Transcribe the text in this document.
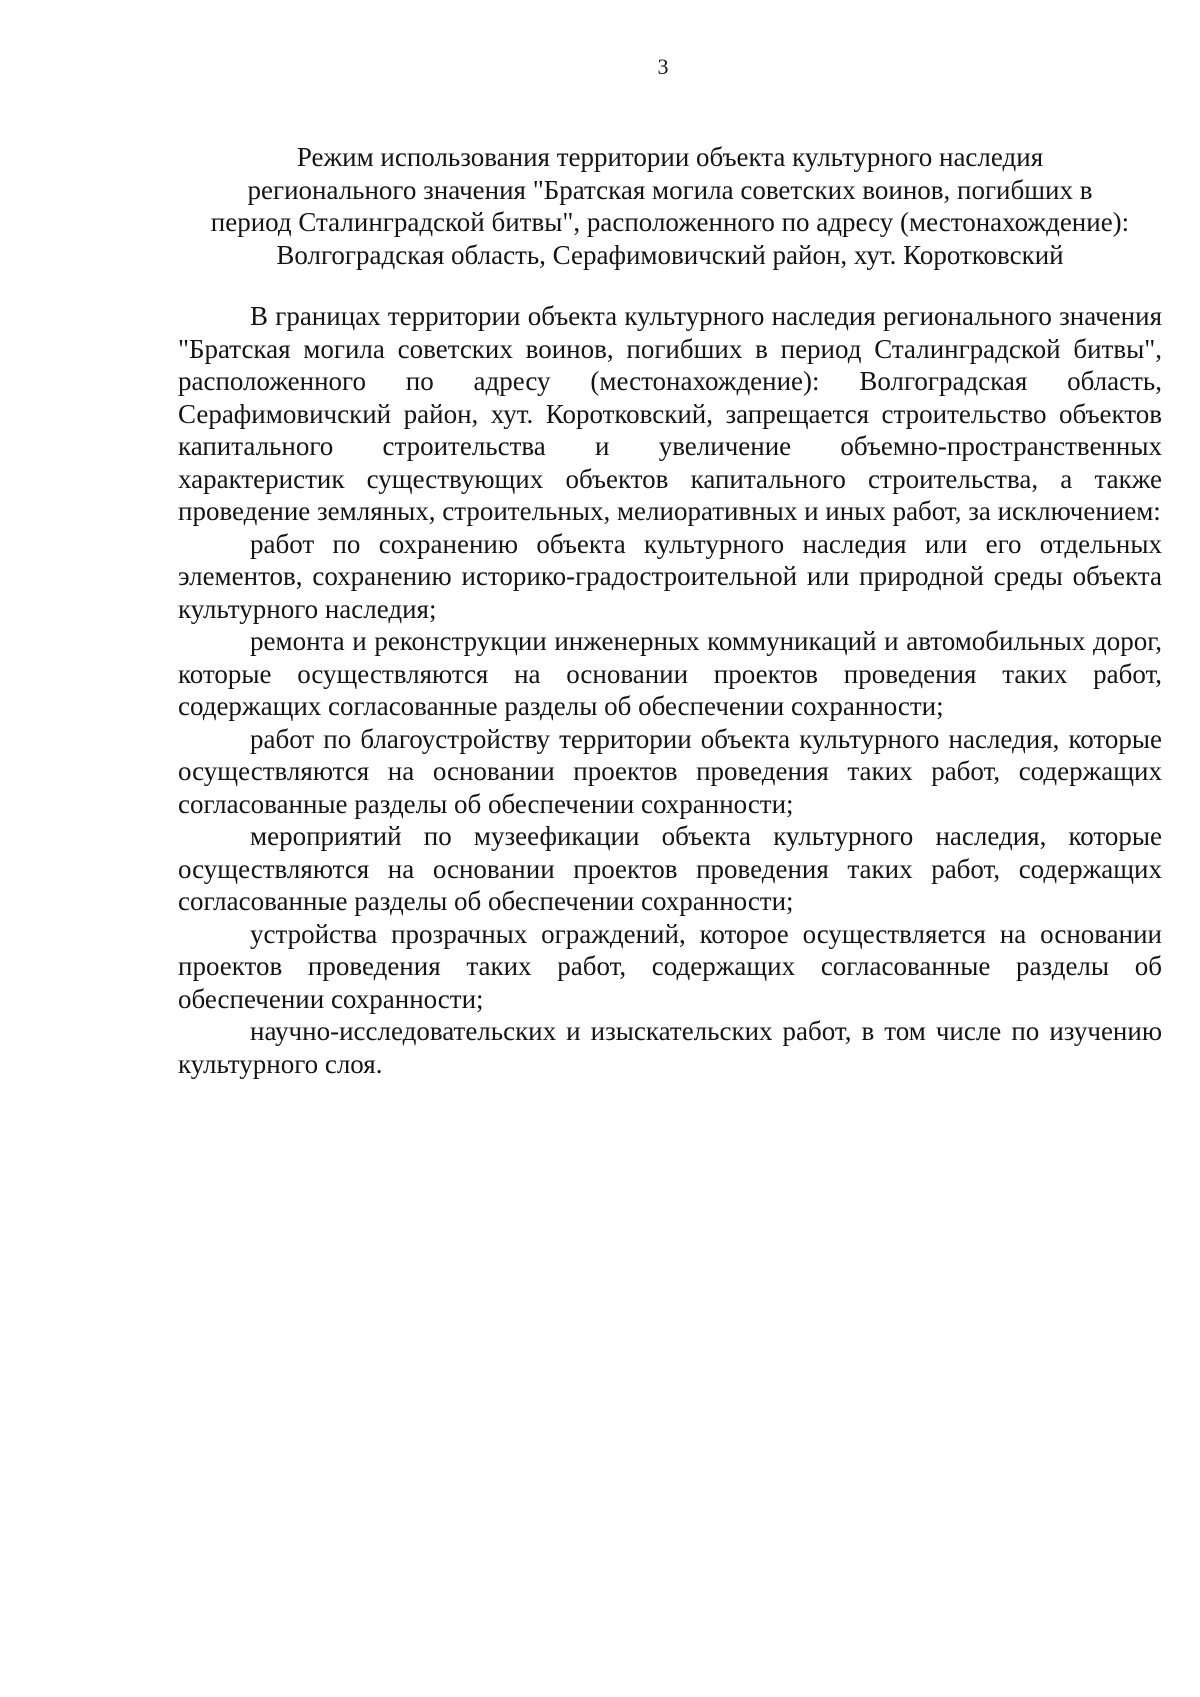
3
Режим использования территории объекта культурного наследия
регионального значения "Братская могила советских воинов, погибших в
период Сталинградской битвы", расположенного по адресу (местонахождение):
Волгоградская область, Серафимовичский район, хут. Коротковский

В границах территории объекта культурного наследия регионального значения "Братская могила советских воинов, погибших в период Сталинградской битвы", расположенного по адресу (местонахождение): Волгоградская область, Серафимовичский район, хут. Коротковский, запрещается строительство объектов капитального строительства и увеличение объемно-пространственных характеристик существующих объектов капитального строительства, а также проведение земляных, строительных, мелиоративных и иных работ, за исключением:

работ по сохранению объекта культурного наследия или его отдельных элементов, сохранению историко-градостроительной или природной среды объекта культурного наследия;

ремонта и реконструкции инженерных коммуникаций и автомобильных дорог, которые осуществляются на основании проектов проведения таких работ, содержащих согласованные разделы об обеспечении сохранности;

работ по благоустройству территории объекта культурного наследия, которые осуществляются на основании проектов проведения таких работ, содержащих согласованные разделы об обеспечении сохранности;

мероприятий по музеефикации объекта культурного наследия, которые осуществляются на основании проектов проведения таких работ, содержащих согласованные разделы об обеспечении сохранности;

устройства прозрачных ограждений, которое осуществляется на основании проектов проведения таких работ, содержащих согласованные разделы об обеспечении сохранности;

научно-исследовательских и изыскательских работ, в том числе по изучению культурного слоя.
